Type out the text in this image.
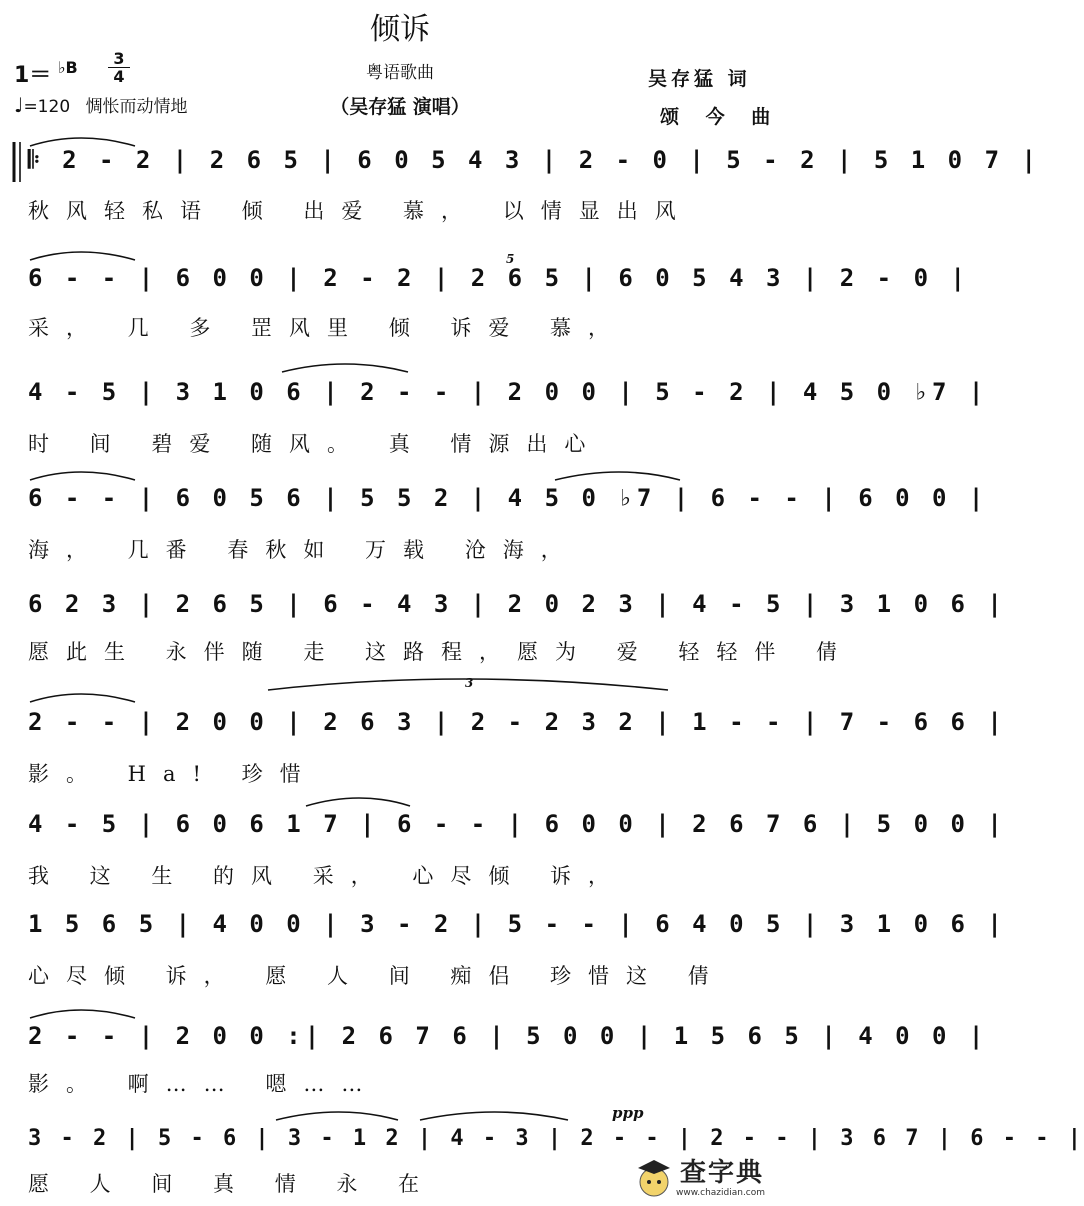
倾诉
粤语歌曲
（吴存猛 演唱）
1＝ ♭B	3
4
♩=120 惆怅而动情地
吴存猛 词
颂 今 曲
𝄆 2 - 2 | 2 6 5 | 6 0 5 4 3 | 2 - 0 | 5 - 2 | 5 1 0 7 |
秋风轻私语 倾 出爱 慕， 以情显出风
6 - - | 6 0 0 | 2 - 2 | 2 6 5 | 6 0 5 4 3 | 2 - 0 |
采， 几 多 罡风里 倾 诉爱 慕，
4 - 5 | 3 1 0 6 | 2 - - | 2 0 0 | 5 - 2 | 4 5 0 ♭7 |
时 间 碧爱 随风。 真 情源出心
6 - - | 6 0 5 6 | 5 5 2 | 4 5 0 ♭7 | 6 - - | 6 0 0 |
海， 几番 春秋如 万载 沧海，
6 2 3 | 2 6 5 | 6 - 4 3 | 2 0 2 3 | 4 - 5 | 3 1 0 6 |
愿此生 永伴随 走 这路程，愿为 爱 轻轻伴 倩
2 - - | 2 0 0 | 2 6 3 | 2 - 2 3 2 | 1 - - | 7 - 6 6 |
影。 Ha! 珍惜
4 - 5 | 6 0 6 1 7 | 6 - - | 6 0 0 | 2 6 7 6 | 5 0 0 |
我 这 生 的风 采， 心尽倾 诉，
1 5 6 5 | 4 0 0 | 3 - 2 | 5 - - | 6 4 0 5 | 3 1 0 6 |
心尽倾 诉， 愿 人 间 痴侣 珍惜这 倩
2 - - | 2 0 0 :| 2 6 7 6 | 5 0 0 | 1 5 6 5 | 4 0 0 |
影。 啊…… 嗯……
3 - 2 | 5 - 6 | 3 - 1 2 | 4 - 3 | 2 - - | 2 - - | 3 6 7 | 6 - - |
愿 人 间 真 情 永 在
ppp
3
5
查字典
www.chazidian.com
